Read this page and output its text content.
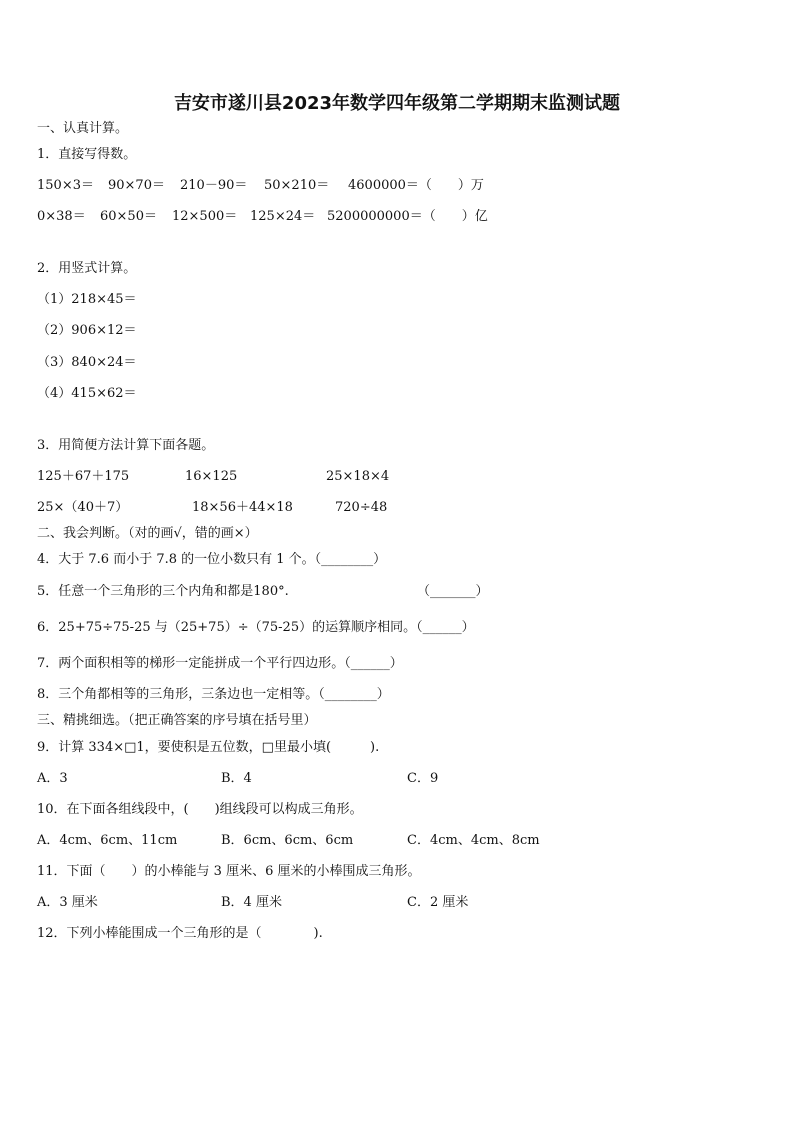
吉安市遂川县2023年数学四年级第二学期期末监测试题
一、认真计算。
1．直接写得数。
150×3＝ 90×70＝ 210－90＝ 50×210＝ 4600000＝（　　）万
0×38＝ 60×50＝ 12×500＝ 125×24＝ 5200000000＝（　　）亿
2．用竖式计算。
（1）218×45＝
（2）906×12＝
（3）840×24＝
（4）415×62＝
3．用简便方法计算下面各题。
125＋67＋175	16×125	25×18×4
25×（40＋7）	18×56＋44×18	720÷48
二、我会判断。（对的画√，错的画×）
4．大于 7.6 而小于 7.8 的一位小数只有 1 个。（________）
5．任意一个三角形的三个内角和都是180°.	（_______）
6．25+75÷75-25 与（25+75）÷（75-25）的运算顺序相同。（______）
7．两个面积相等的梯形一定能拼成一个平行四边形。（______）
8．三个角都相等的三角形，三条边也一定相等。（________）
三、精挑细选。（把正确答案的序号填在括号里）
9．计算 334×□1，要使积是五位数，□里最小填(　　　).
A．3	B．4	C．9
10．在下面各组线段中，(　　)组线段可以构成三角形。
A．4cm、6cm、11cm	B．6cm、6cm、6cm	C．4cm、4cm、8cm
11．下面（　　）的小棒能与 3 厘米、6 厘米的小棒围成三角形。
A．3 厘米	B．4 厘米	C．2 厘米
12．下列小棒能围成一个三角形的是（　　　　).
